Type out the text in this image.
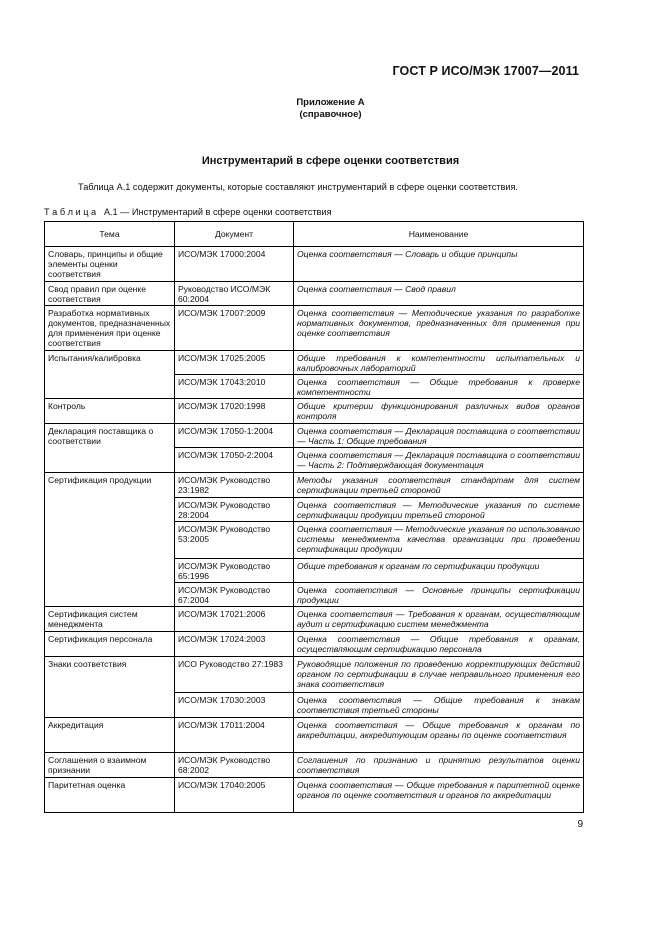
ГОСТ Р ИСО/МЭК 17007—2011
Приложение А
(справочное)
Инструментарий в сфере оценки соответствия
Таблица А.1 содержит документы, которые составляют инструментарий в сфере оценки соответствия.
Т а б л и ц а   А.1 — Инструментарий в сфере оценки соответствия
Тема	Документ	Наименование
Словарь, принципы и общие элементы оценки соответствия	ИСО/МЭК 17000:2004	Оценка соответствия — Словарь и общие принципы
Свод правил при оценке соответствия	Руководство ИСО/МЭК 60:2004	Оценка соответствия — Свод правил
Разработка нормативных документов, предназначенных для применения при оценке соответствия	ИСО/МЭК 17007:2009	Оценка соответствия — Методические указания по разработке нормативных документов, предназначенных для применения при оценке соответствия
Испытания/калибровка	ИСО/МЭК 17025:2005	Общие требования к компетентности испытательных и калибровочных лабораторий
	ИСО/МЭК 17043:2010	Оценка соответствия — Общие требования к проверке компетентности
Контроль	ИСО/МЭК 17020:1998	Общие критерии функционирования различных видов органов контроля
Декларация поставщика о соответствии	ИСО/МЭК 17050-1:2004	Оценка соответствия — Декларация поставщика о соответствии — Часть 1: Общие требования
	ИСО/МЭК 17050-2:2004	Оценка соответствия — Декларация поставщика о соответствии — Часть 2: Подтверждающая документация
Сертификация продукции	ИСО/МЭК Руководство 23:1982	Методы указания соответствия стандартам для систем сертификации третьей стороной
	ИСО/МЭК Руководство 28:2004	Оценка соответствия — Методические указания по системе сертификации продукции третьей стороной
	ИСО/МЭК Руководство 53:2005	Оценка соответствия — Методические указания по использованию системы менеджмента качества организации при проведении сертификации продукции
	ИСО/МЭК Руководство 65:1996	Общие требования к органам по сертификации продукции
	ИСО/МЭК Руководство 67:2004	Оценка соответствия — Основные принципы сертификации продукции
Сертификация систем менеджмента	ИСО/МЭК 17021:2006	Оценка соответствия — Требования к органам, осуществляющим аудит и сертификацию систем менеджмента
Сертификация персонала	ИСО/МЭК 17024:2003	Оценка соответствия — Общие требования к органам, осуществляющим сертификацию персонала
Знаки соответствия	ИСО Руководство 27:1983	Руководящие положения по проведению корректирующих действий органом по сертификации в случае неправильного применения его знака соответствия
	ИСО/МЭК 17030:2003	Оценка соответствия — Общие требования к знакам соответствия третьей стороны
Аккредитация	ИСО/МЭК 17011:2004	Оценка соответствия — Общие требования к органам по аккредитации, аккредитующим органы по оценке соответствия
Соглашения о взаимном признании	ИСО/МЭК Руководство 68:2002	Соглашения по признанию и принятию результатов оценки соответствия
Паритетная оценка	ИСО/МЭК 17040:2005	Оценка соответствия — Общие требования к паритетной оценке органов по оценке соответствия и органов по аккредитации
9
